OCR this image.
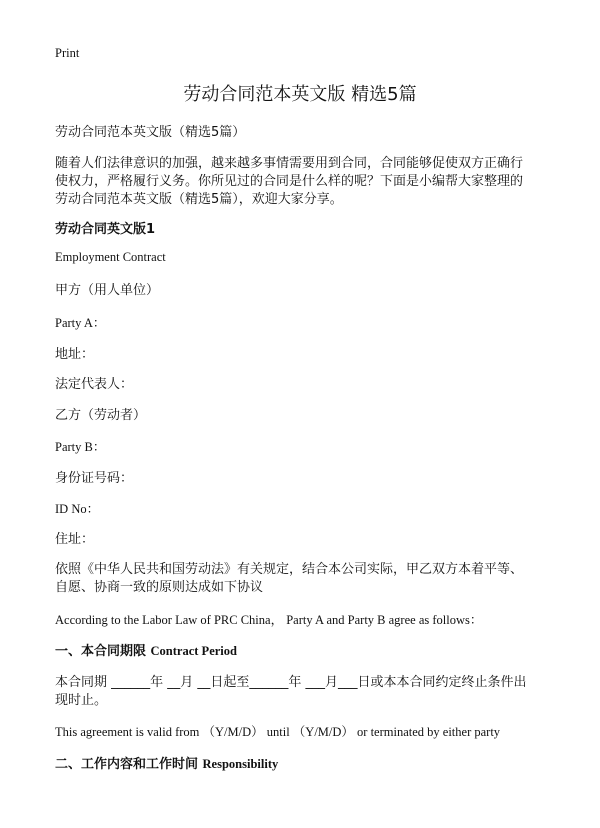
Print
劳动合同范本英文版 精选5篇
劳动合同范本英文版（精选5篇）
随着人们法律意识的加强，越来越多事情需要用到合同，合同能够促使双方正确行
使权力，严格履行义务。你所见过的合同是什么样的呢？下面是小编帮大家整理的
劳动合同范本英文版（精选5篇），欢迎大家分享。
劳动合同英文版1
Employment Contract
甲方（用人单位）
Party A：
地址：
法定代表人：
乙方（劳动者）
Party B：
身份证号码：
ID No：
住址：
依照《中华人民共和国劳动法》有关规定，结合本公司实际，甲乙双方本着平等、
自愿、协商一致的原则达成如下协议
According to the Labor Law of PRC China， Party A and Party B agree as follows：
一、本合同期限 Contract Period
本合同期 ______年 __月 __日起至______年 ___月___日或本本合同约定终止条件出
现时止。
This agreement is valid from （Y/M/D） until （Y/M/D） or terminated by either party
二、工作内容和工作时间 Responsibility
